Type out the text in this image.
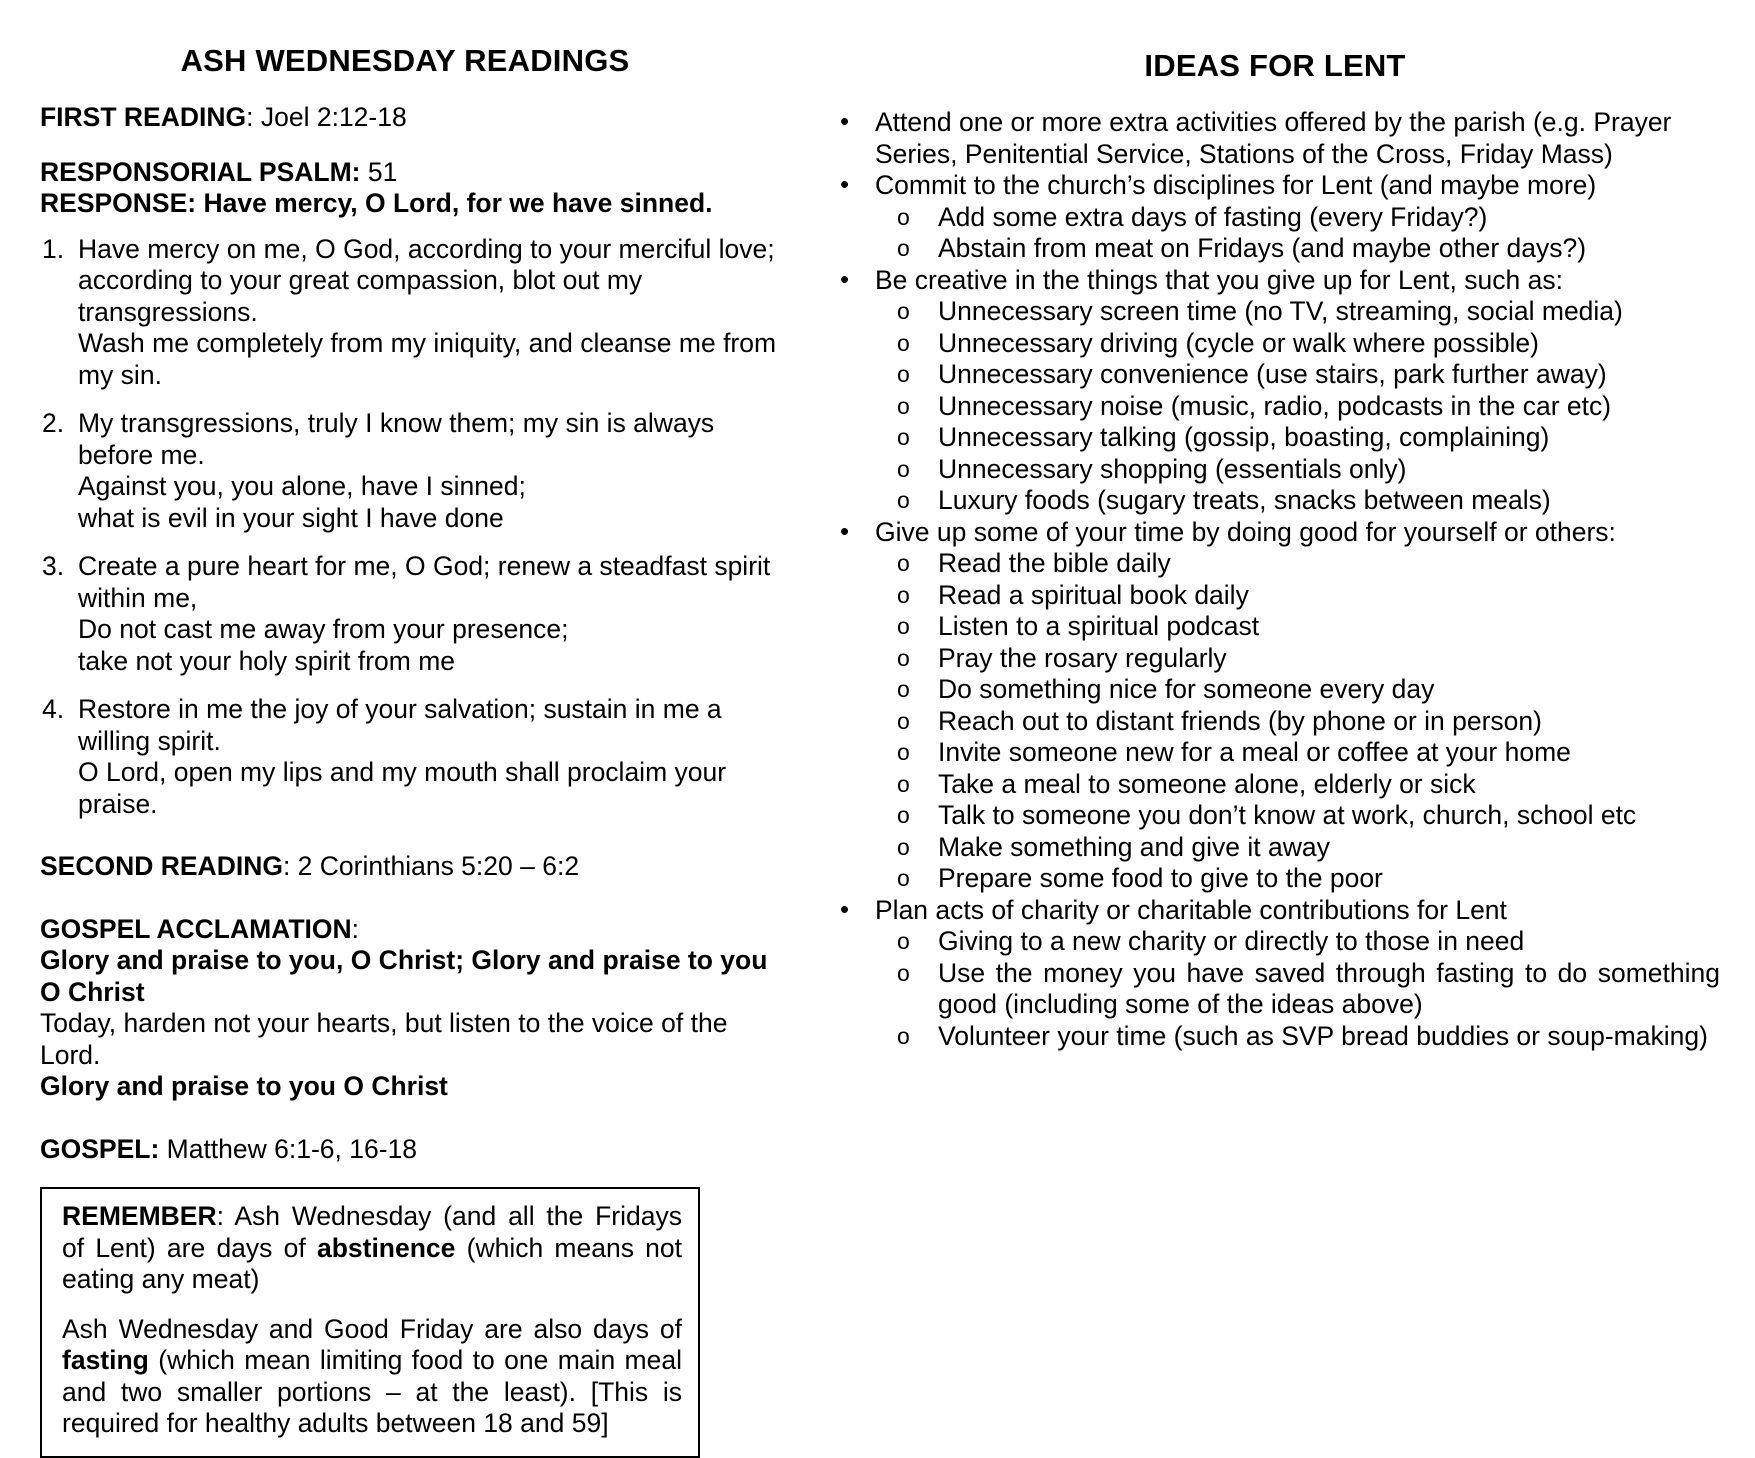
ASH WEDNESDAY READINGS

FIRST READING: Joel 2:12-18

RESPONSORIAL PSALM: 51

RESPONSE: Have mercy, O Lord, for we have sinned.

1. Have mercy on me, O God, according to your merciful love;
according to your great compassion, blot out my transgressions.
Wash me completely from my iniquity, and cleanse me from my sin.
2. My transgressions, truly I know them; my sin is always before me.
Against you, you alone, have I sinned;
what is evil in your sight I have done
3. Create a pure heart for me, O God; renew a steadfast spirit within me,
Do not cast me away from your presence;
take not your holy spirit from me
4. Restore in me the joy of your salvation; sustain in me a willing spirit.
O Lord, open my lips and my mouth shall proclaim your praise.

SECOND READING: 2 Corinthians 5:20 – 6:2

GOSPEL ACCLAMATION:

Glory and praise to you, O Christ; Glory and praise to you O Christ

Today, harden not your hearts, but listen to the voice of the Lord.

Glory and praise to you O Christ

GOSPEL: Matthew 6:1-6, 16-18

REMEMBER: Ash Wednesday (and all the Fridays of Lent) are days of abstinence (which means not eating any meat)

Ash Wednesday and Good Friday are also days of fasting (which mean limiting food to one main meal and two smaller portions – at the least). [This is required for healthy adults between 18 and 59]

IDEAS FOR LENT
• Attend one or more extra activities offered by the parish (e.g. Prayer Series, Penitential Service, Stations of the Cross, Friday Mass)
• Commit to the church’s disciplines for Lent (and maybe more)
o Add some extra days of fasting (every Friday?)
o Abstain from meat on Fridays (and maybe other days?)
• Be creative in the things that you give up for Lent, such as:
o Unnecessary screen time (no TV, streaming, social media)
o Unnecessary driving (cycle or walk where possible)
o Unnecessary convenience (use stairs, park further away)
o Unnecessary noise (music, radio, podcasts in the car etc)
o Unnecessary talking (gossip, boasting, complaining)
o Unnecessary shopping (essentials only)
o Luxury foods (sugary treats, snacks between meals)
• Give up some of your time by doing good for yourself or others:
o Read the bible daily
o Read a spiritual book daily
o Listen to a spiritual podcast
o Pray the rosary regularly
o Do something nice for someone every day
o Reach out to distant friends (by phone or in person)
o Invite someone new for a meal or coffee at your home
o Take a meal to someone alone, elderly or sick
o Talk to someone you don’t know at work, church, school etc
o Make something and give it away
o Prepare some food to give to the poor
• Plan acts of charity or charitable contributions for Lent
o Giving to a new charity or directly to those in need
o Use the money you have saved through fasting to do something good (including some of the ideas above)
o Volunteer your time (such as SVP bread buddies or soup-making)
